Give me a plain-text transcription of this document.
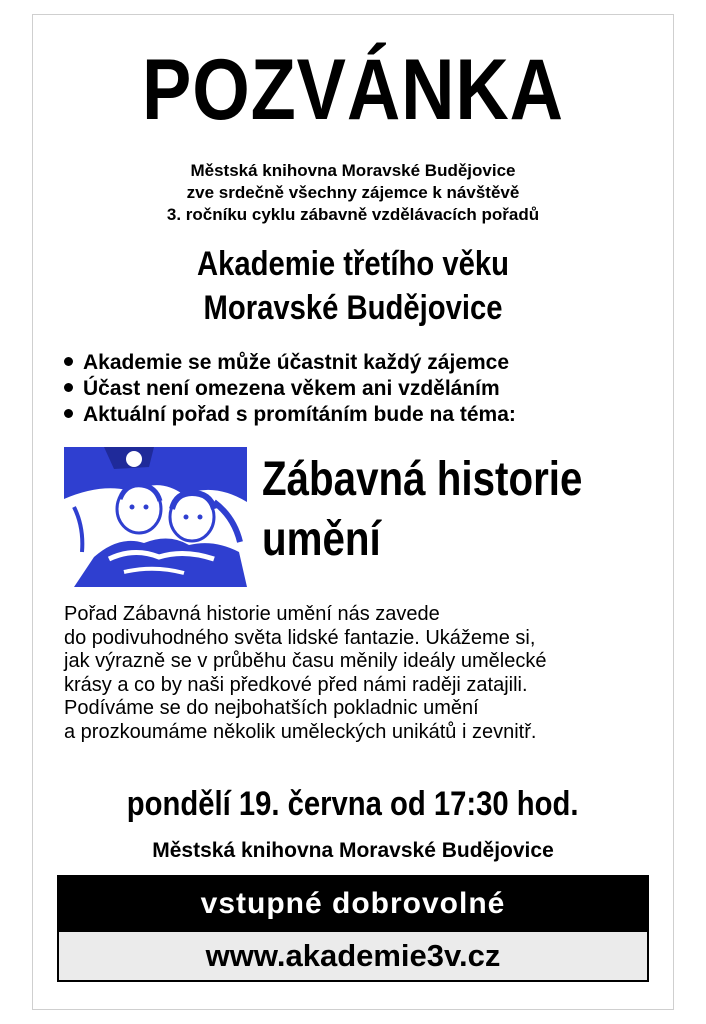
POZVÁNKA
Městská knihovna Moravské Budějovice
zve srdečně všechny zájemce k návštěvě
3. ročníku cyklu zábavně vzdělávacích pořadů
Akademie třetího věku
Moravské Budějovice
Akademie se může účastnit každý zájemce
Účast není omezena věkem ani vzděláním
Aktuální pořad s promítáním bude na téma:
Zábavná historie
umění
Pořad Zábavná historie umění nás zavede
do podivuhodného světa lidské fantazie. Ukážeme si,
jak výrazně se v průběhu času měnily ideály umělecké
krásy a co by naši předkové před námi raději zatajili.
Podíváme se do nejbohatších pokladnic umění
a prozkoumáme několik uměleckých unikátů i zevnitř.
pondělí 19. června od 17:30 hod.
Městská knihovna Moravské Budějovice
vstupné dobrovolné
www.akademie3v.cz
